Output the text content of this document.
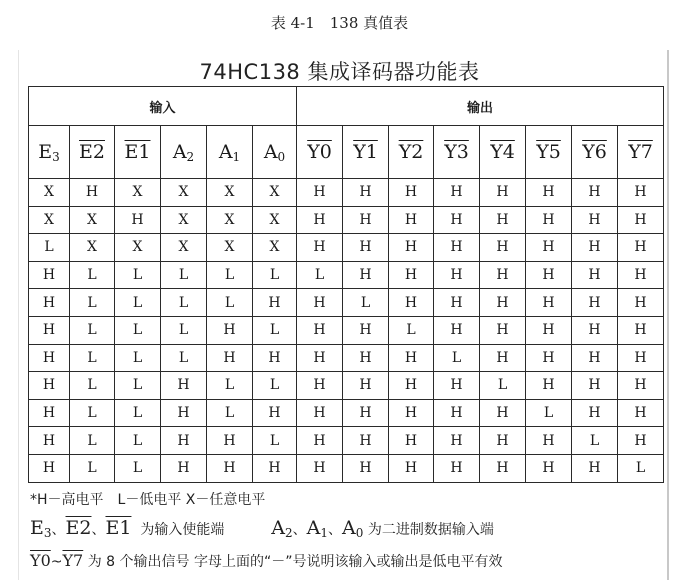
表 4-1　138 真值表
74HC138 集成译码器功能表
输入						输出							
$E_3$	E2	E1	$A_2$	$A_1$	$A_0$	Y0	Y1	Y2	Y3	Y4	Y5	Y6	Y7
X	H	X	X	X	X	H	H	H	H	H	H	H	H
X	X	H	X	X	X	H	H	H	H	H	H	H	H
L	X	X	X	X	X	H	H	H	H	H	H	H	H
H	L	L	L	L	L	L	H	H	H	H	H	H	H
H	L	L	L	L	H	H	L	H	H	H	H	H	H
H	L	L	L	H	L	H	H	L	H	H	H	H	H
H	L	L	L	H	H	H	H	H	L	H	H	H	H
H	L	L	H	L	L	H	H	H	H	L	H	H	H
H	L	L	H	L	H	H	H	H	H	H	L	H	H
H	L	L	H	H	L	H	H	H	H	H	H	L	H
H	L	L	H	H	H	H	H	H	H	H	H	H	L
*H－高电平　L－低电平 X－任意电平
$E_3$、E2、E1 为输入使能端 $A_2$、$A_1$、$A_0$ 为二进制数据输入端
Y0~Y7 为 8 个输出信号 字母上面的“－”号说明该输入或输出是低电平有效
